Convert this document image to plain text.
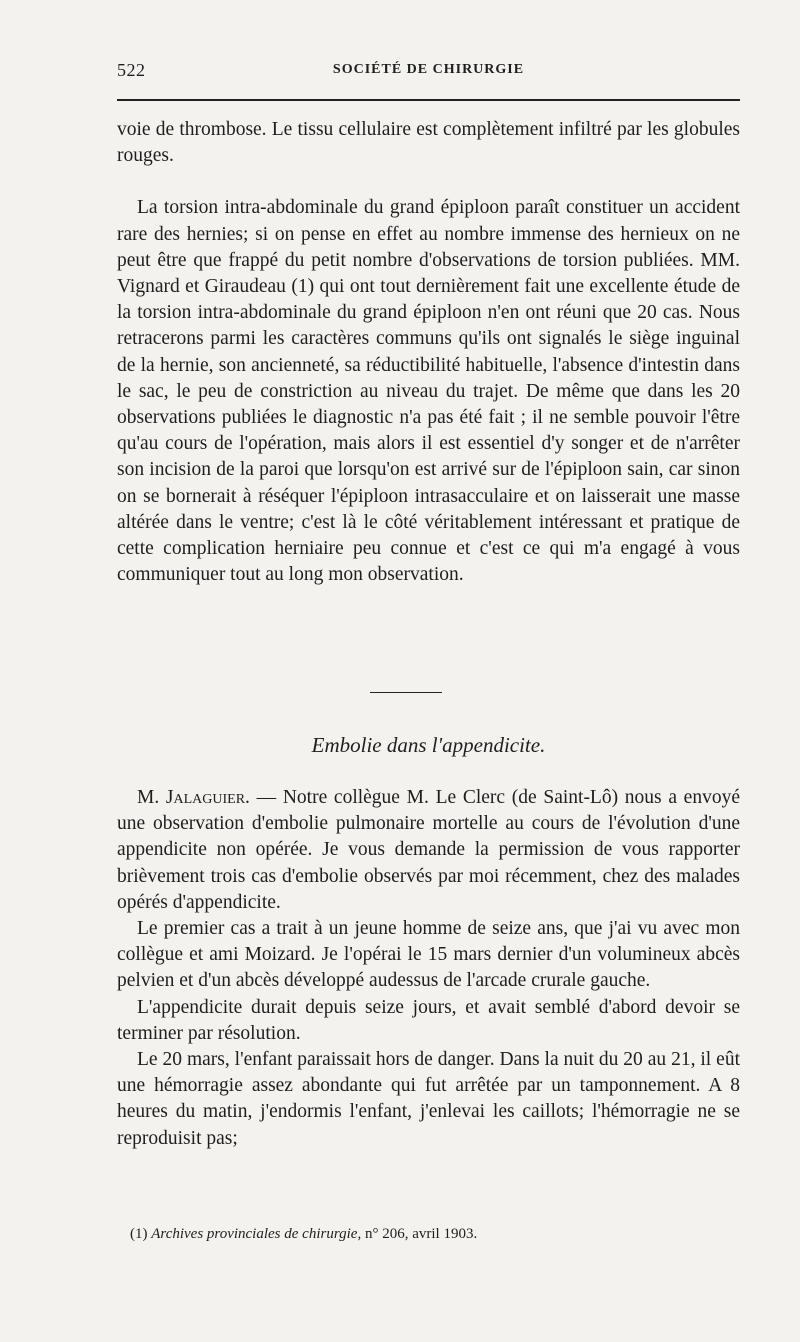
522	SOCIÉTÉ DE CHIRURGIE

voie de thrombose. Le tissu cellulaire est complètement infiltré par les globules rouges.

La torsion intra-abdominale du grand épiploon paraît constituer un accident rare des hernies; si on pense en effet au nombre immense des hernieux on ne peut être que frappé du petit nombre d'observations de torsion publiées. MM. Vignard et Giraudeau (1) qui ont tout dernièrement fait une excellente étude de la torsion intra-abdominale du grand épiploon n'en ont réuni que 20 cas. Nous retracerons parmi les caractères communs qu'ils ont signalés le siège inguinal de la hernie, son ancienneté, sa réductibilité habituelle, l'absence d'intestin dans le sac, le peu de constriction au niveau du trajet. De même que dans les 20 observations publiées le diagnostic n'a pas été fait ; il ne semble pouvoir l'être qu'au cours de l'opération, mais alors il est essentiel d'y songer et de n'arrêter son incision de la paroi que lorsqu'on est arrivé sur de l'épiploon sain, car sinon on se bornerait à réséquer l'épiploon intrasacculaire et on laisserait une masse altérée dans le ventre; c'est là le côté véritablement intéressant et pratique de cette complication herniaire peu connue et c'est ce qui m'a engagé à vous communiquer tout au long mon observation.

Embolie dans l'appendicite.

M. Jalaguier. — Notre collègue M. Le Clerc (de Saint-Lô) nous a envoyé une observation d'embolie pulmonaire mortelle au cours de l'évolution d'une appendicite non opérée. Je vous demande la permission de vous rapporter brièvement trois cas d'embolie observés par moi récemment, chez des malades opérés d'appendicite.

Le premier cas a trait à un jeune homme de seize ans, que j'ai vu avec mon collègue et ami Moizard. Je l'opérai le 15 mars dernier d'un volumineux abcès pelvien et d'un abcès développé audessus de l'arcade crurale gauche.

L'appendicite durait depuis seize jours, et avait semblé d'abord devoir se terminer par résolution.

Le 20 mars, l'enfant paraissait hors de danger. Dans la nuit du 20 au 21, il eût une hémorragie assez abondante qui fut arrêtée par un tamponnement. A 8 heures du matin, j'endormis l'enfant, j'enlevai les caillots; l'hémorragie ne se reproduisit pas;

(1) Archives provinciales de chirurgie, n° 206, avril 1903.
